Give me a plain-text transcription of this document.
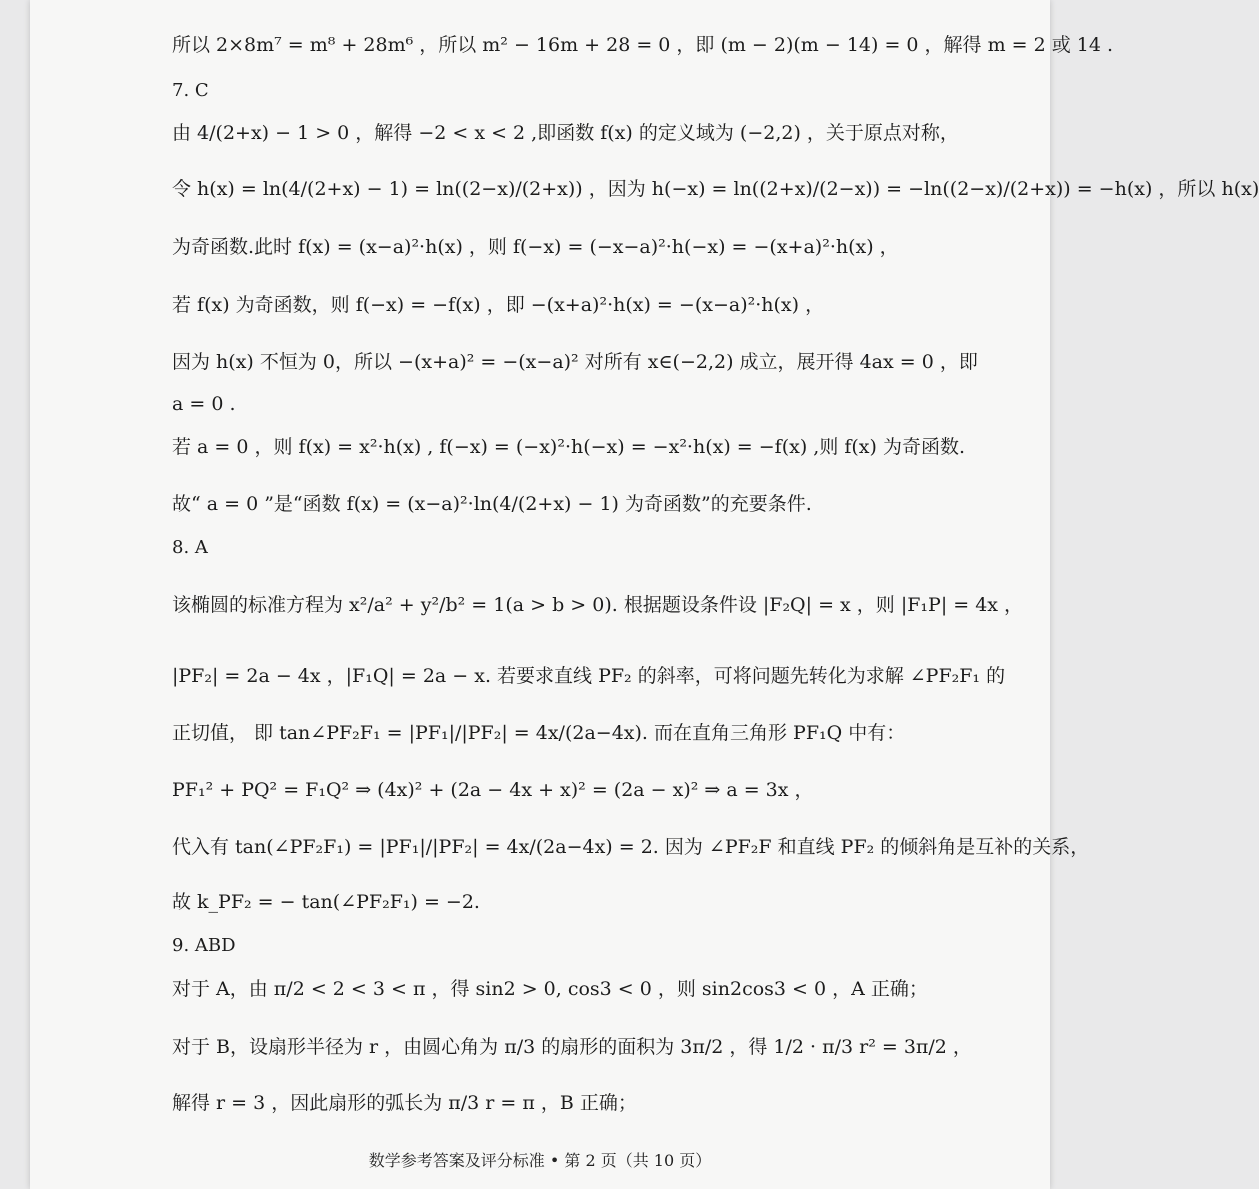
所以 2×8m⁷ = m⁸ + 28m⁶ ，所以 m² − 16m + 28 = 0 ，即 (m − 2)(m − 14) = 0 ，解得 m = 2 或 14 .
7. C
由 4/(2+x) − 1 > 0 ，解得 −2 < x < 2 ,即函数 f(x) 的定义域为 (−2,2) ，关于原点对称，
令 h(x) = ln(4/(2+x) − 1) = ln((2−x)/(2+x)) ，因为 h(−x) = ln((2+x)/(2−x)) = −ln((2−x)/(2+x)) = −h(x) ，所以 h(x)
为奇函数.此时 f(x) = (x−a)²·h(x) ，则 f(−x) = (−x−a)²·h(−x) = −(x+a)²·h(x) ，
若 f(x) 为奇函数，则 f(−x) = −f(x) ，即 −(x+a)²·h(x) = −(x−a)²·h(x) ，
因为 h(x) 不恒为 0，所以 −(x+a)² = −(x−a)² 对所有 x∈(−2,2) 成立，展开得 4ax = 0 ，即
a = 0 .
若 a = 0 ，则 f(x) = x²·h(x) , f(−x) = (−x)²·h(−x) = −x²·h(x) = −f(x) ,则 f(x) 为奇函数.
故“ a = 0 ”是“函数 f(x) = (x−a)²·ln(4/(2+x) − 1) 为奇函数”的充要条件.
8. A
该椭圆的标准方程为 x²/a² + y²/b² = 1(a > b > 0). 根据题设条件设 |F₂Q| = x ，则 |F₁P| = 4x ，
|PF₂| = 2a − 4x ，|F₁Q| = 2a − x. 若要求直线 PF₂ 的斜率，可将问题先转化为求解 ∠PF₂F₁ 的
正切值， 即 tan∠PF₂F₁ = |PF₁|/|PF₂| = 4x/(2a−4x). 而在直角三角形 PF₁Q 中有：
PF₁² + PQ² = F₁Q² ⇒ (4x)² + (2a − 4x + x)² = (2a − x)² ⇒ a = 3x ，
代入有 tan(∠PF₂F₁) = |PF₁|/|PF₂| = 4x/(2a−4x) = 2. 因为 ∠PF₂F 和直线 PF₂ 的倾斜角是互补的关系，
故 k_PF₂ = − tan(∠PF₂F₁) = −2.
9. ABD
对于 A，由 π/2 < 2 < 3 < π ，得 sin2 > 0, cos3 < 0 ，则 sin2cos3 < 0 ，A 正确；
对于 B，设扇形半径为 r ，由圆心角为 π/3 的扇形的面积为 3π/2 ，得 1/2 · π/3 r² = 3π/2 ，
解得 r = 3 ，因此扇形的弧长为 π/3 r = π ，B 正确；
数学参考答案及评分标准 • 第 2 页（共 10 页）
